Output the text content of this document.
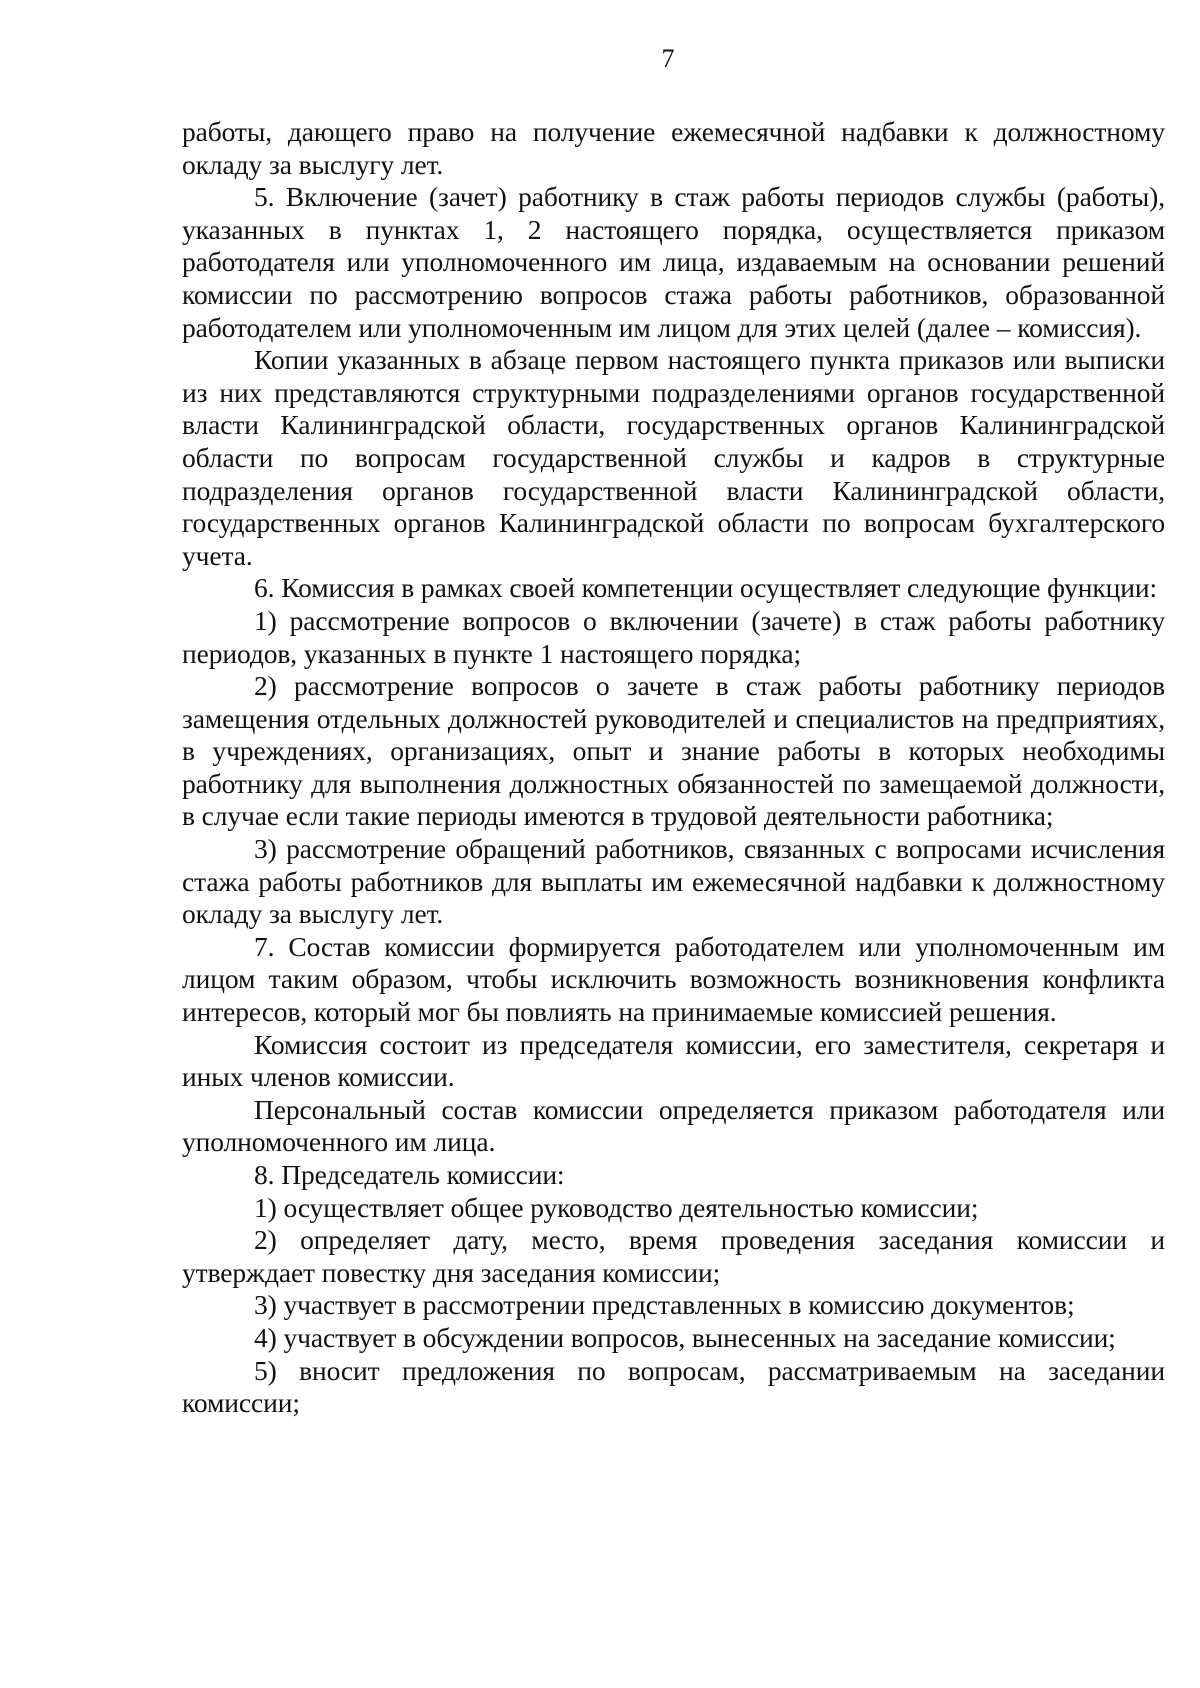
7

работы, дающего право на получение ежемесячной надбавки к должностному окладу за выслугу лет.

5. Включение (зачет) работнику в стаж работы периодов службы (работы), указанных в пунктах 1, 2 настоящего порядка, осуществляется приказом работодателя или уполномоченного им лица, издаваемым на основании решений комиссии по рассмотрению вопросов стажа работы работников, образованной работодателем или уполномоченным им лицом для этих целей (далее – комиссия).

Копии указанных в абзаце первом настоящего пункта приказов или выписки из них представляются структурными подразделениями органов государственной власти Калининградской области, государственных органов Калининградской области по вопросам государственной службы и кадров в структурные подразделения органов государственной власти Калининградской области, государственных органов Калининградской области по вопросам бухгалтерского учета.

6. Комиссия в рамках своей компетенции осуществляет следующие функции:

1) рассмотрение вопросов о включении (зачете) в стаж работы работнику периодов, указанных в пункте 1 настоящего порядка;

2) рассмотрение вопросов о зачете в стаж работы работнику периодов замещения отдельных должностей руководителей и специалистов на предприятиях, в учреждениях, организациях, опыт и знание работы в которых необходимы работнику для выполнения должностных обязанностей по замещаемой должности, в случае если такие периоды имеются в трудовой деятельности работника;

3) рассмотрение обращений работников, связанных с вопросами исчисления стажа работы работников для выплаты им ежемесячной надбавки к должностному окладу за выслугу лет.

7. Состав комиссии формируется работодателем или уполномоченным им лицом таким образом, чтобы исключить возможность возникновения конфликта интересов, который мог бы повлиять на принимаемые комиссией решения.

Комиссия состоит из председателя комиссии, его заместителя, секретаря и иных членов комиссии.

Персональный состав комиссии определяется приказом работодателя или уполномоченного им лица.

8. Председатель комиссии:

1) осуществляет общее руководство деятельностью комиссии;

2) определяет дату, место, время проведения заседания комиссии и утверждает повестку дня заседания комиссии;

3) участвует в рассмотрении представленных в комиссию документов;

4) участвует в обсуждении вопросов, вынесенных на заседание комиссии;

5) вносит предложения по вопросам, рассматриваемым на заседании комиссии;
